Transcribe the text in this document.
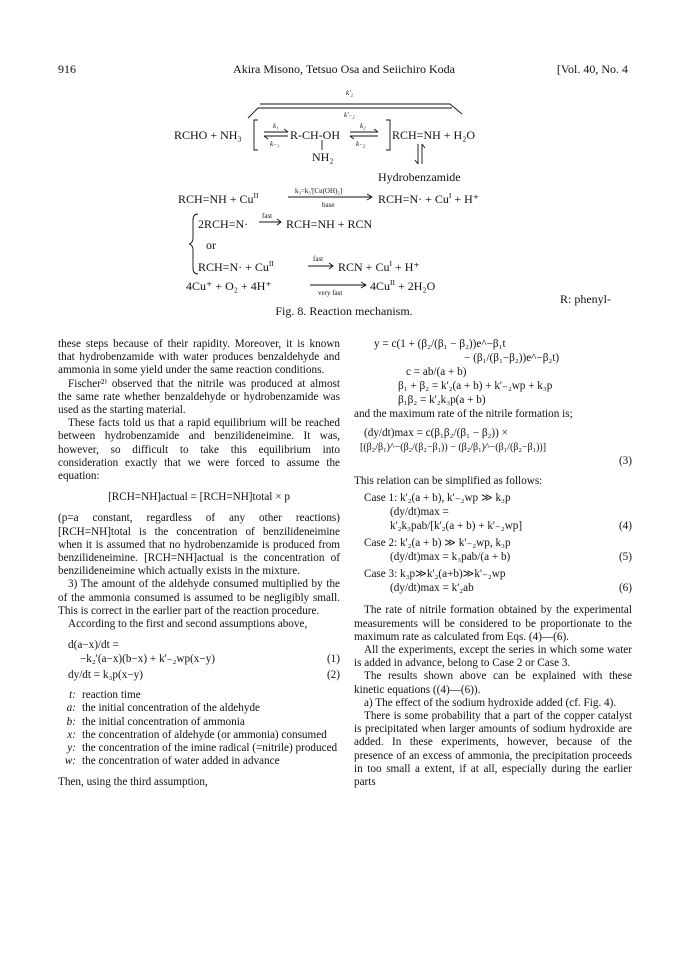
916	Akira Misono, Tetsuo Osa and Seiichiro Koda	[Vol. 40, No. 4
k'₂
k'₋₂
RCHO + NH₃
k₁
k₋₁
R-CH-OH
NH₂
k₂
k₋₂
RCH=NH + H₂O
Hydrobenzamide
$RCH=NH + Cu^{II}$	k₃=k₃'[Cu(OH)₂]
base	$RCH=N\cdot + Cu^I + H^+$
2RCH=N·
fast
RCH=NH + RCN
or
$RCH=N\cdot + Cu^{II}$	fast
RCN + $Cu^I + H^+$
4Cu⁺ + O₂ + 4H⁺	very fast $4Cu^{II} + 2H_2O$
R: phenyl-
Fig. 8. Reaction mechanism.

these steps because of their rapidity. Moreover, it is known that hydrobenzamide with water produces benzaldehyde and ammonia in some yield under the same reaction conditions.

Fischer²⁾ observed that the nitrile was produced at almost the same rate whether benzaldehyde or hydrobenzamide was used as the starting material.

These facts told us that a rapid equilibrium will be reached between hydrobenzamide and benzilideneimine. It was, however, so difficult to take this equilibrium into consideration exactly that we were forced to assume the equation:

[RCH=NH]actual = [RCH=NH]total × p

(p=a constant, regardless of any other reactions) [RCH=NH]total is the concentration of benzilideneimine when it is assumed that no hydrobenzamide is produced from benzilideneimine. [RCH=NH]actual is the concentration of benzilideneimine which actually exists in the mixture.

3) The amount of the aldehyde consumed multiplied by the of the ammonia consumed is assumed to be negligibly small. This is correct in the earlier part of the reaction procedure.

According to the first and second assumptions above,

d(a−x)/dt =
−k₂'(a−x)(b−x) + k'₋₂wp(x−y)	(1)
dy/dt = k₃p(x−y)	(2)
t: reaction time
a: the initial concentration of the aldehyde
b: the initial concentration of ammonia
x: the concentration of aldehyde (or ammonia) consumed
y: the concentration of the imine radical (=nitrile) produced
w: the concentration of water added in advance

Then, using the third assumption,

y = c(1 + (β₂/(β₁ − β₂))e^−β₁t
− (β₁/(β₁−β₂))e^−β₂t)
c = ab/(a + b)
β₁ + β₂ = k'₂(a + b) + k'₋₂wp + k₃p
β₁β₂ = k'₂k₃p(a + b)

and the maximum rate of the nitrile formation is;

(dy/dt)max = c(β₁β₂/(β₁ − β₂)) ×
[(β₂/β₁)^−(β₂/(β₂−β₁)) − (β₂/β₁)^−(β₁/(β₂−β₁))]
(3)

This relation can be simplified as follows:

Case 1: k'₂(a + b), k'₋₂wp ≫ k₃p
(dy/dt)max =
k'₂k₃pab/[k'₂(a + b) + k'₋₂wp]	(4)
Case 2: k'₂(a + b) ≫ k'₋₂wp, k₃p
(dy/dt)max = k₃pab/(a + b)	(5)
Case 3: k₃p≫k'₂(a+b)≫k'₋₂wp
(dy/dt)max = k'₂ab	(6)

The rate of nitrile formation obtained by the experimental measurements will be considered to be proportionate to the maximum rate as calculated from Eqs. (4)—(6).

All the experiments, except the series in which some water is added in advance, belong to Case 2 or Case 3.

The results shown above can be explained with these kinetic equations ((4)—(6)).

a) The effect of the sodium hydroxide added (cf. Fig. 4).

There is some probability that a part of the copper catalyst is precipitated when larger amounts of sodium hydroxide are added. In these experiments, however, because of the presence of an excess of ammonia, the precipitation proceeds in too small a extent, if at all, especially during the earlier parts
